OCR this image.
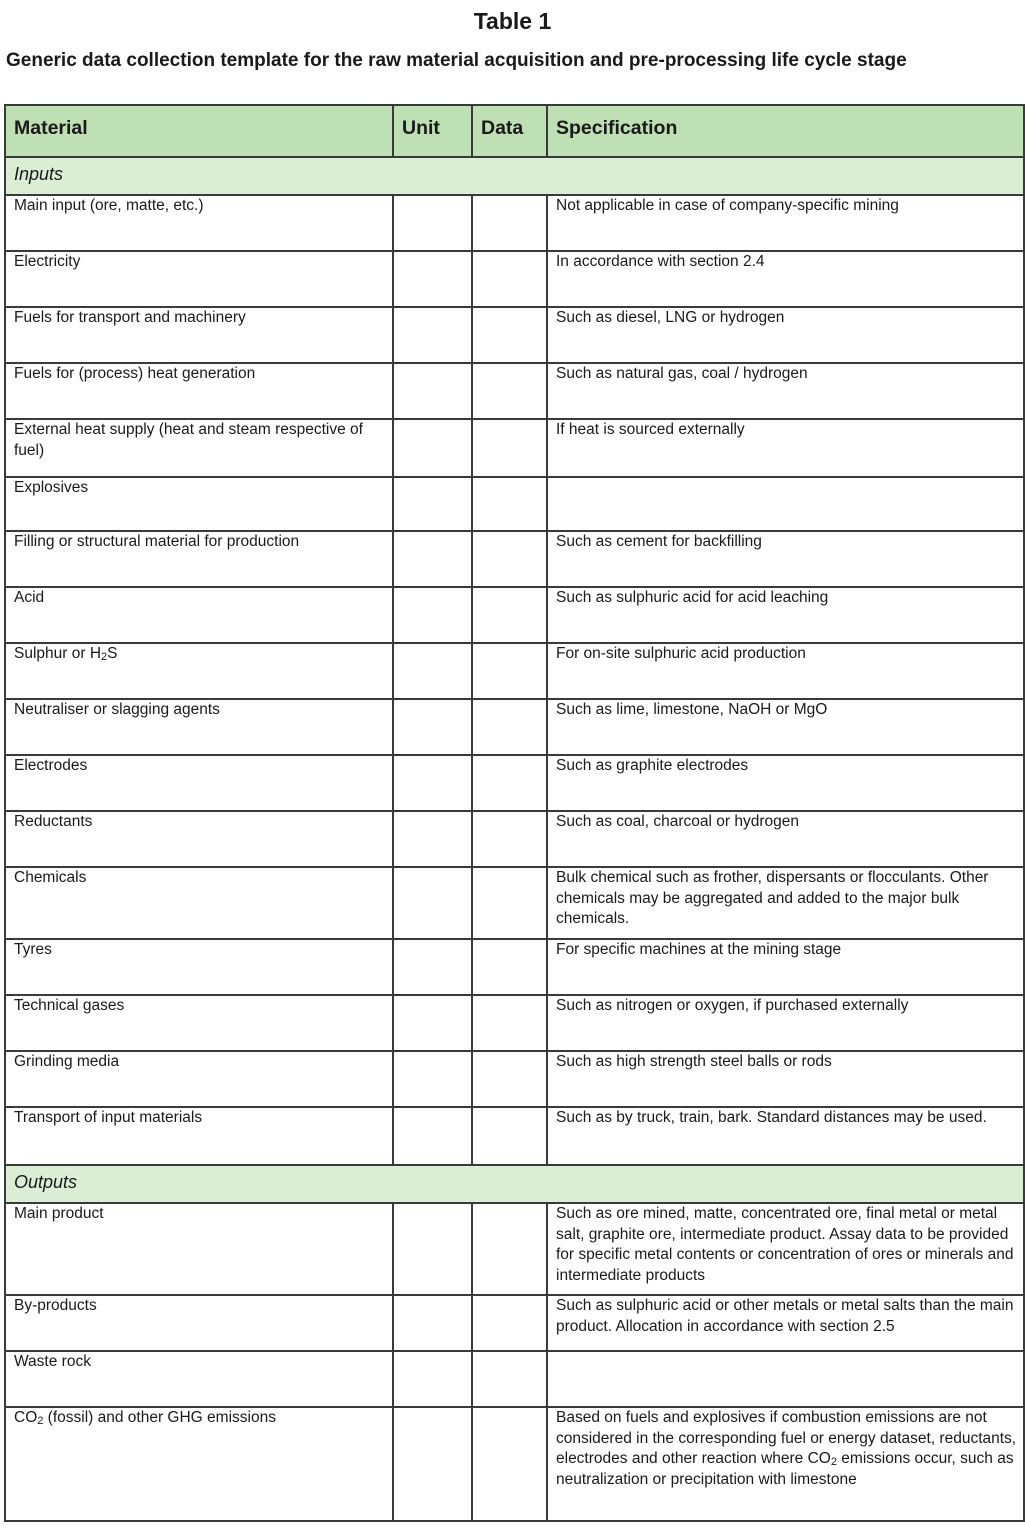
Table 1
Generic data collection template for the raw material acquisition and pre-processing life cycle stage
Material	Unit	Data	Specification
Inputs			
Main input (ore, matte, etc.)			Not applicable in case of company-specific mining
Electricity			In accordance with section 2.4
Fuels for transport and machinery			Such as diesel, LNG or hydrogen
Fuels for (process) heat generation			Such as natural gas, coal / hydrogen
External heat supply (heat and steam respective of fuel)			If heat is sourced externally
Explosives			
Filling or structural material for production			Such as cement for backfilling
Acid			Such as sulphuric acid for acid leaching
Sulphur or $H_2S$			For on-site sulphuric acid production
Neutraliser or slagging agents			Such as lime, limestone, NaOH or MgO
Electrodes			Such as graphite electrodes
Reductants			Such as coal, charcoal or hydrogen
Chemicals			Bulk chemical such as frother, dispersants or flocculants. Other chemicals may be aggregated and added to the major bulk chemicals.
Tyres			For specific machines at the mining stage
Technical gases			Such as nitrogen or oxygen, if purchased externally
Grinding media			Such as high strength steel balls or rods
Transport of input materials			Such as by truck, train, bark. Standard distances may be used.
Outputs			
Main product			Such as ore mined, matte, concentrated ore, final metal or metal salt, graphite ore, intermediate product. Assay data to be provided for specific metal contents or concentration of ores or minerals and intermediate products
By-products			Such as sulphuric acid or other metals or metal salts than the main product. Allocation in accordance with section 2.5
Waste rock			
$CO_2$ (fossil) and other GHG emissions			Based on fuels and explosives if combustion emissions are not considered in the corresponding fuel or energy dataset, reductants, electrodes and other reaction where $CO_2$ emissions occur, such as neutralization or precipitation with limestone
